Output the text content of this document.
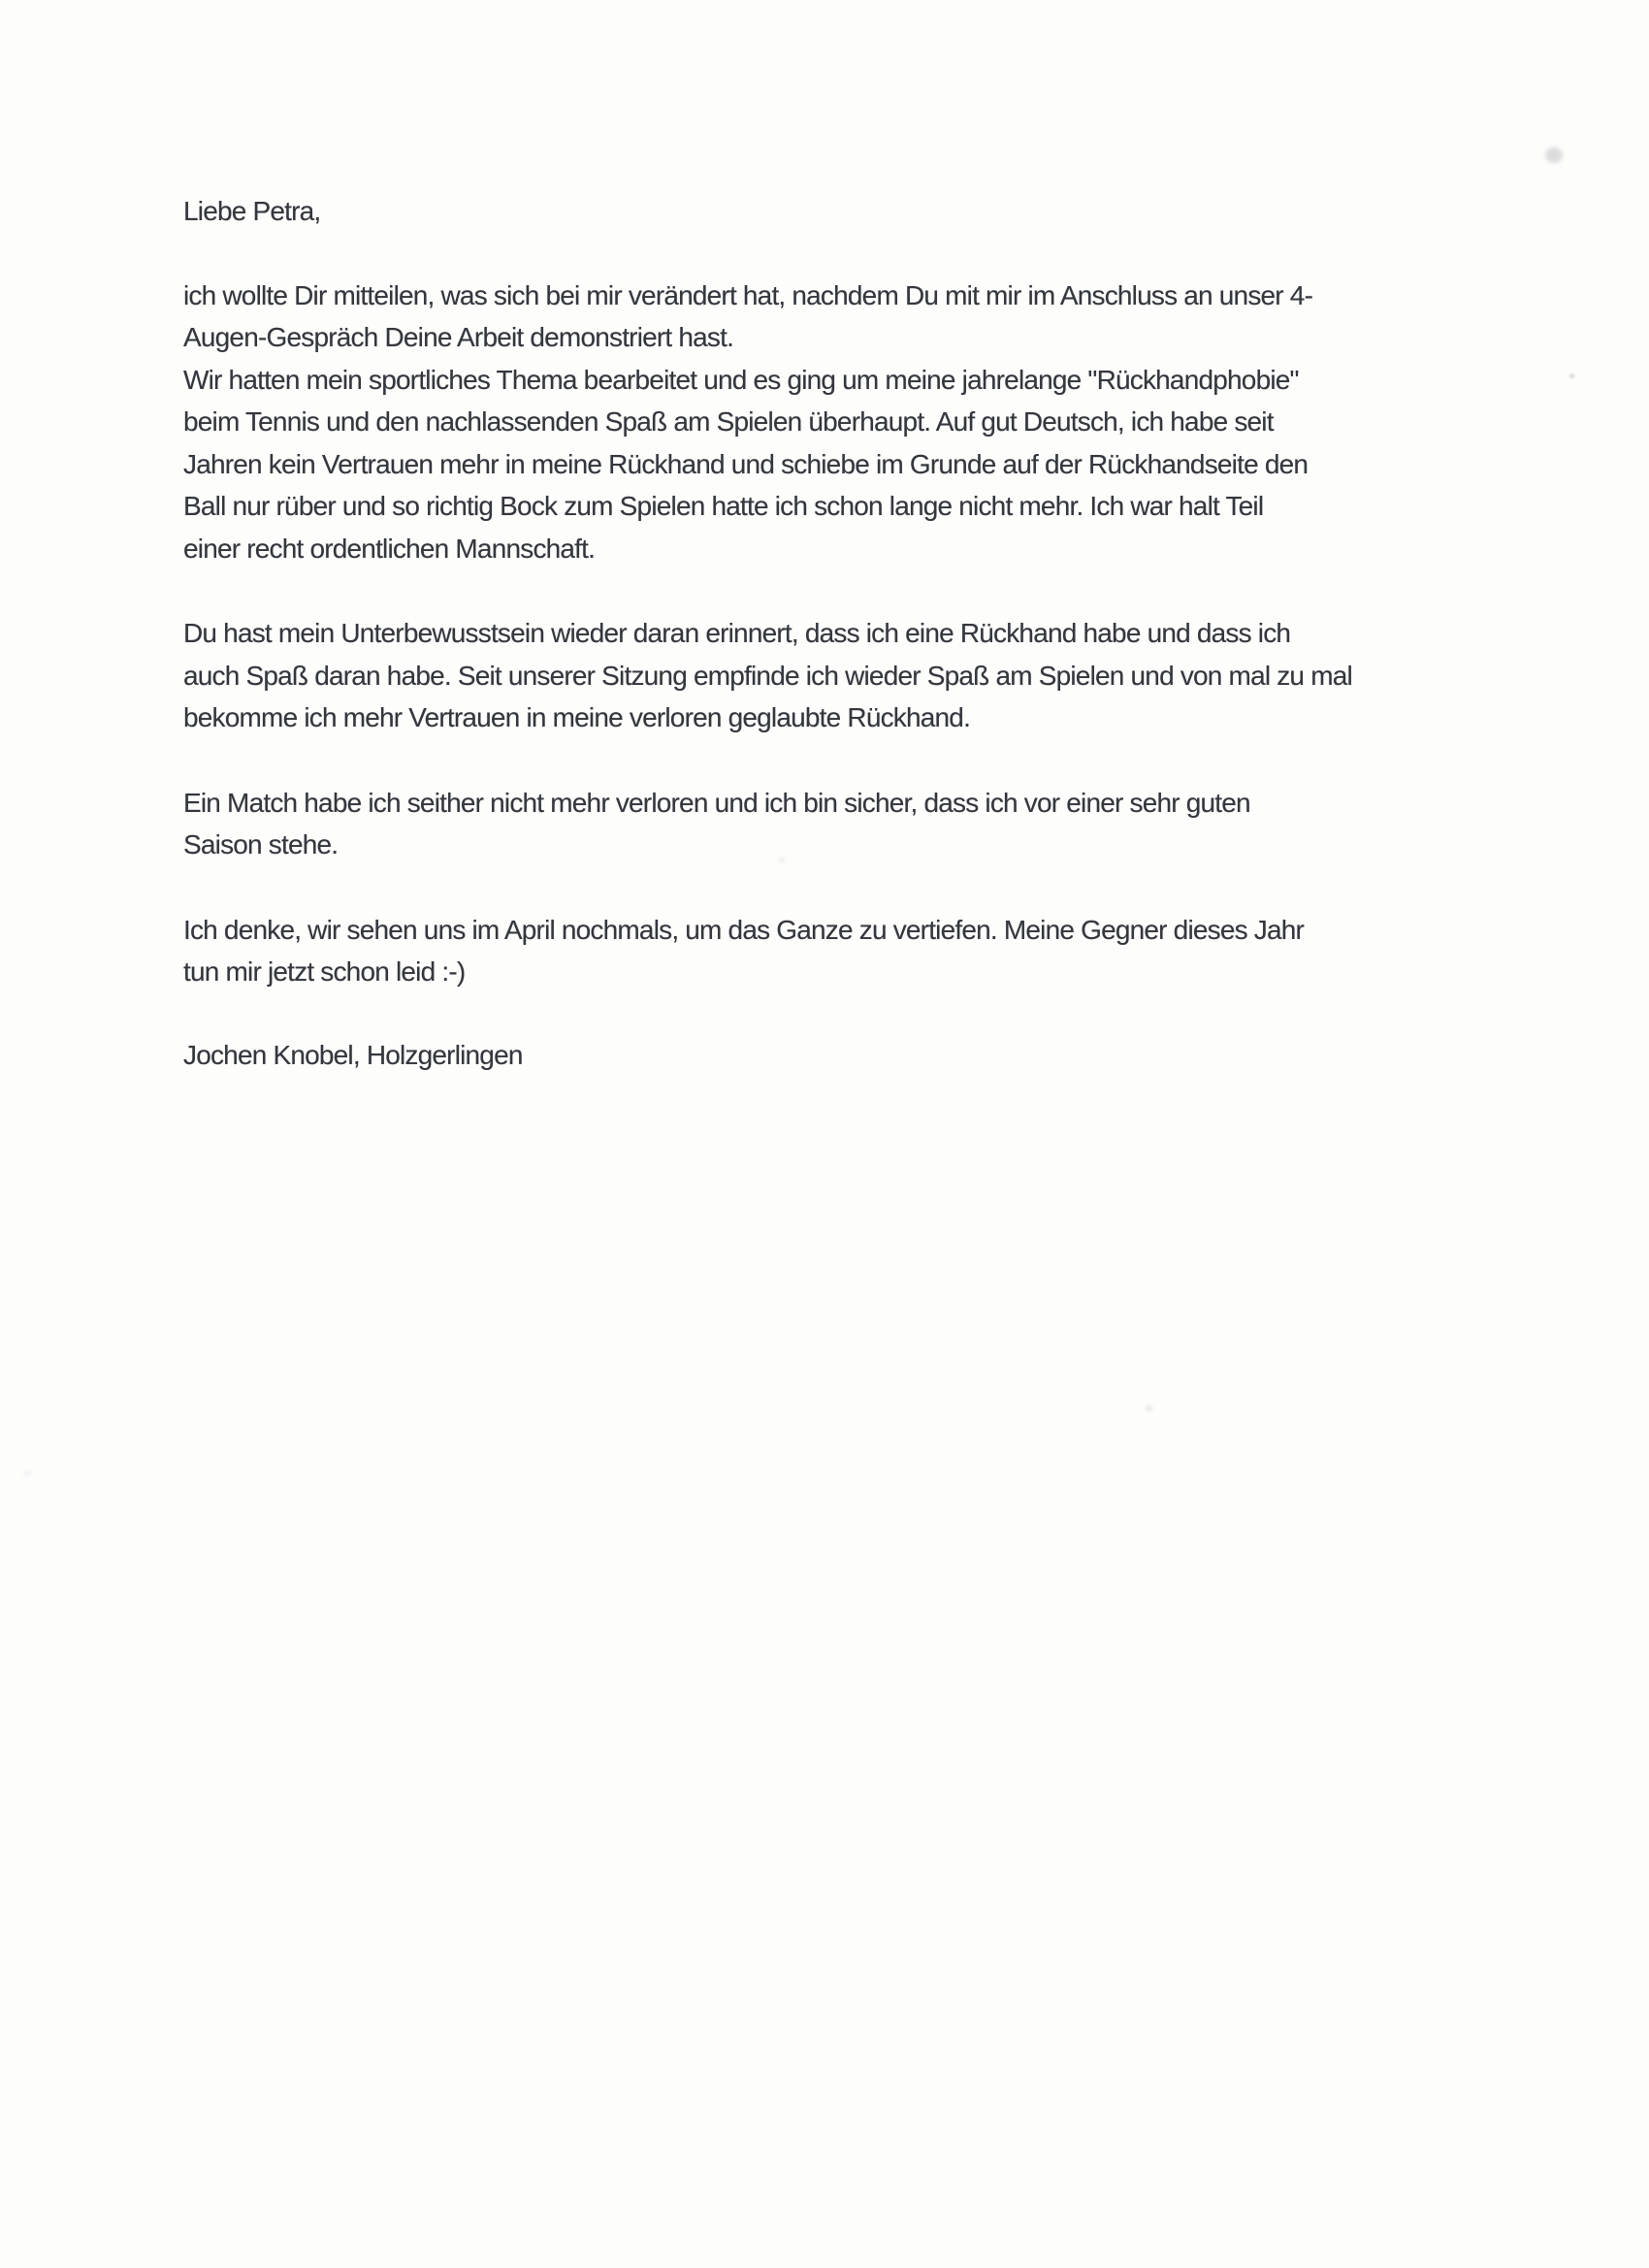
Liebe Petra,

ich wollte Dir mitteilen, was sich bei mir verändert hat, nachdem Du mit mir im Anschluss an unser 4-
Augen-Gespräch Deine Arbeit demonstriert hast.
Wir hatten mein sportliches Thema bearbeitet und es ging um meine jahrelange "Rückhandphobie"
beim Tennis und den nachlassenden Spaß am Spielen überhaupt. Auf gut Deutsch, ich habe seit
Jahren kein Vertrauen mehr in meine Rückhand und schiebe im Grunde auf der Rückhandseite den
Ball nur rüber und so richtig Bock zum Spielen hatte ich schon lange nicht mehr. Ich war halt Teil
einer recht ordentlichen Mannschaft.
Du hast mein Unterbewusstsein wieder daran erinnert, dass ich eine Rückhand habe und dass ich
auch Spaß daran habe. Seit unserer Sitzung empfinde ich wieder Spaß am Spielen und von mal zu mal
bekomme ich mehr Vertrauen in meine verloren geglaubte Rückhand.
Ein Match habe ich seither nicht mehr verloren und ich bin sicher, dass ich vor einer sehr guten
Saison stehe.
Ich denke, wir sehen uns im April nochmals, um das Ganze zu vertiefen. Meine Gegner dieses Jahr
tun mir jetzt schon leid :-)

Jochen Knobel, Holzgerlingen
